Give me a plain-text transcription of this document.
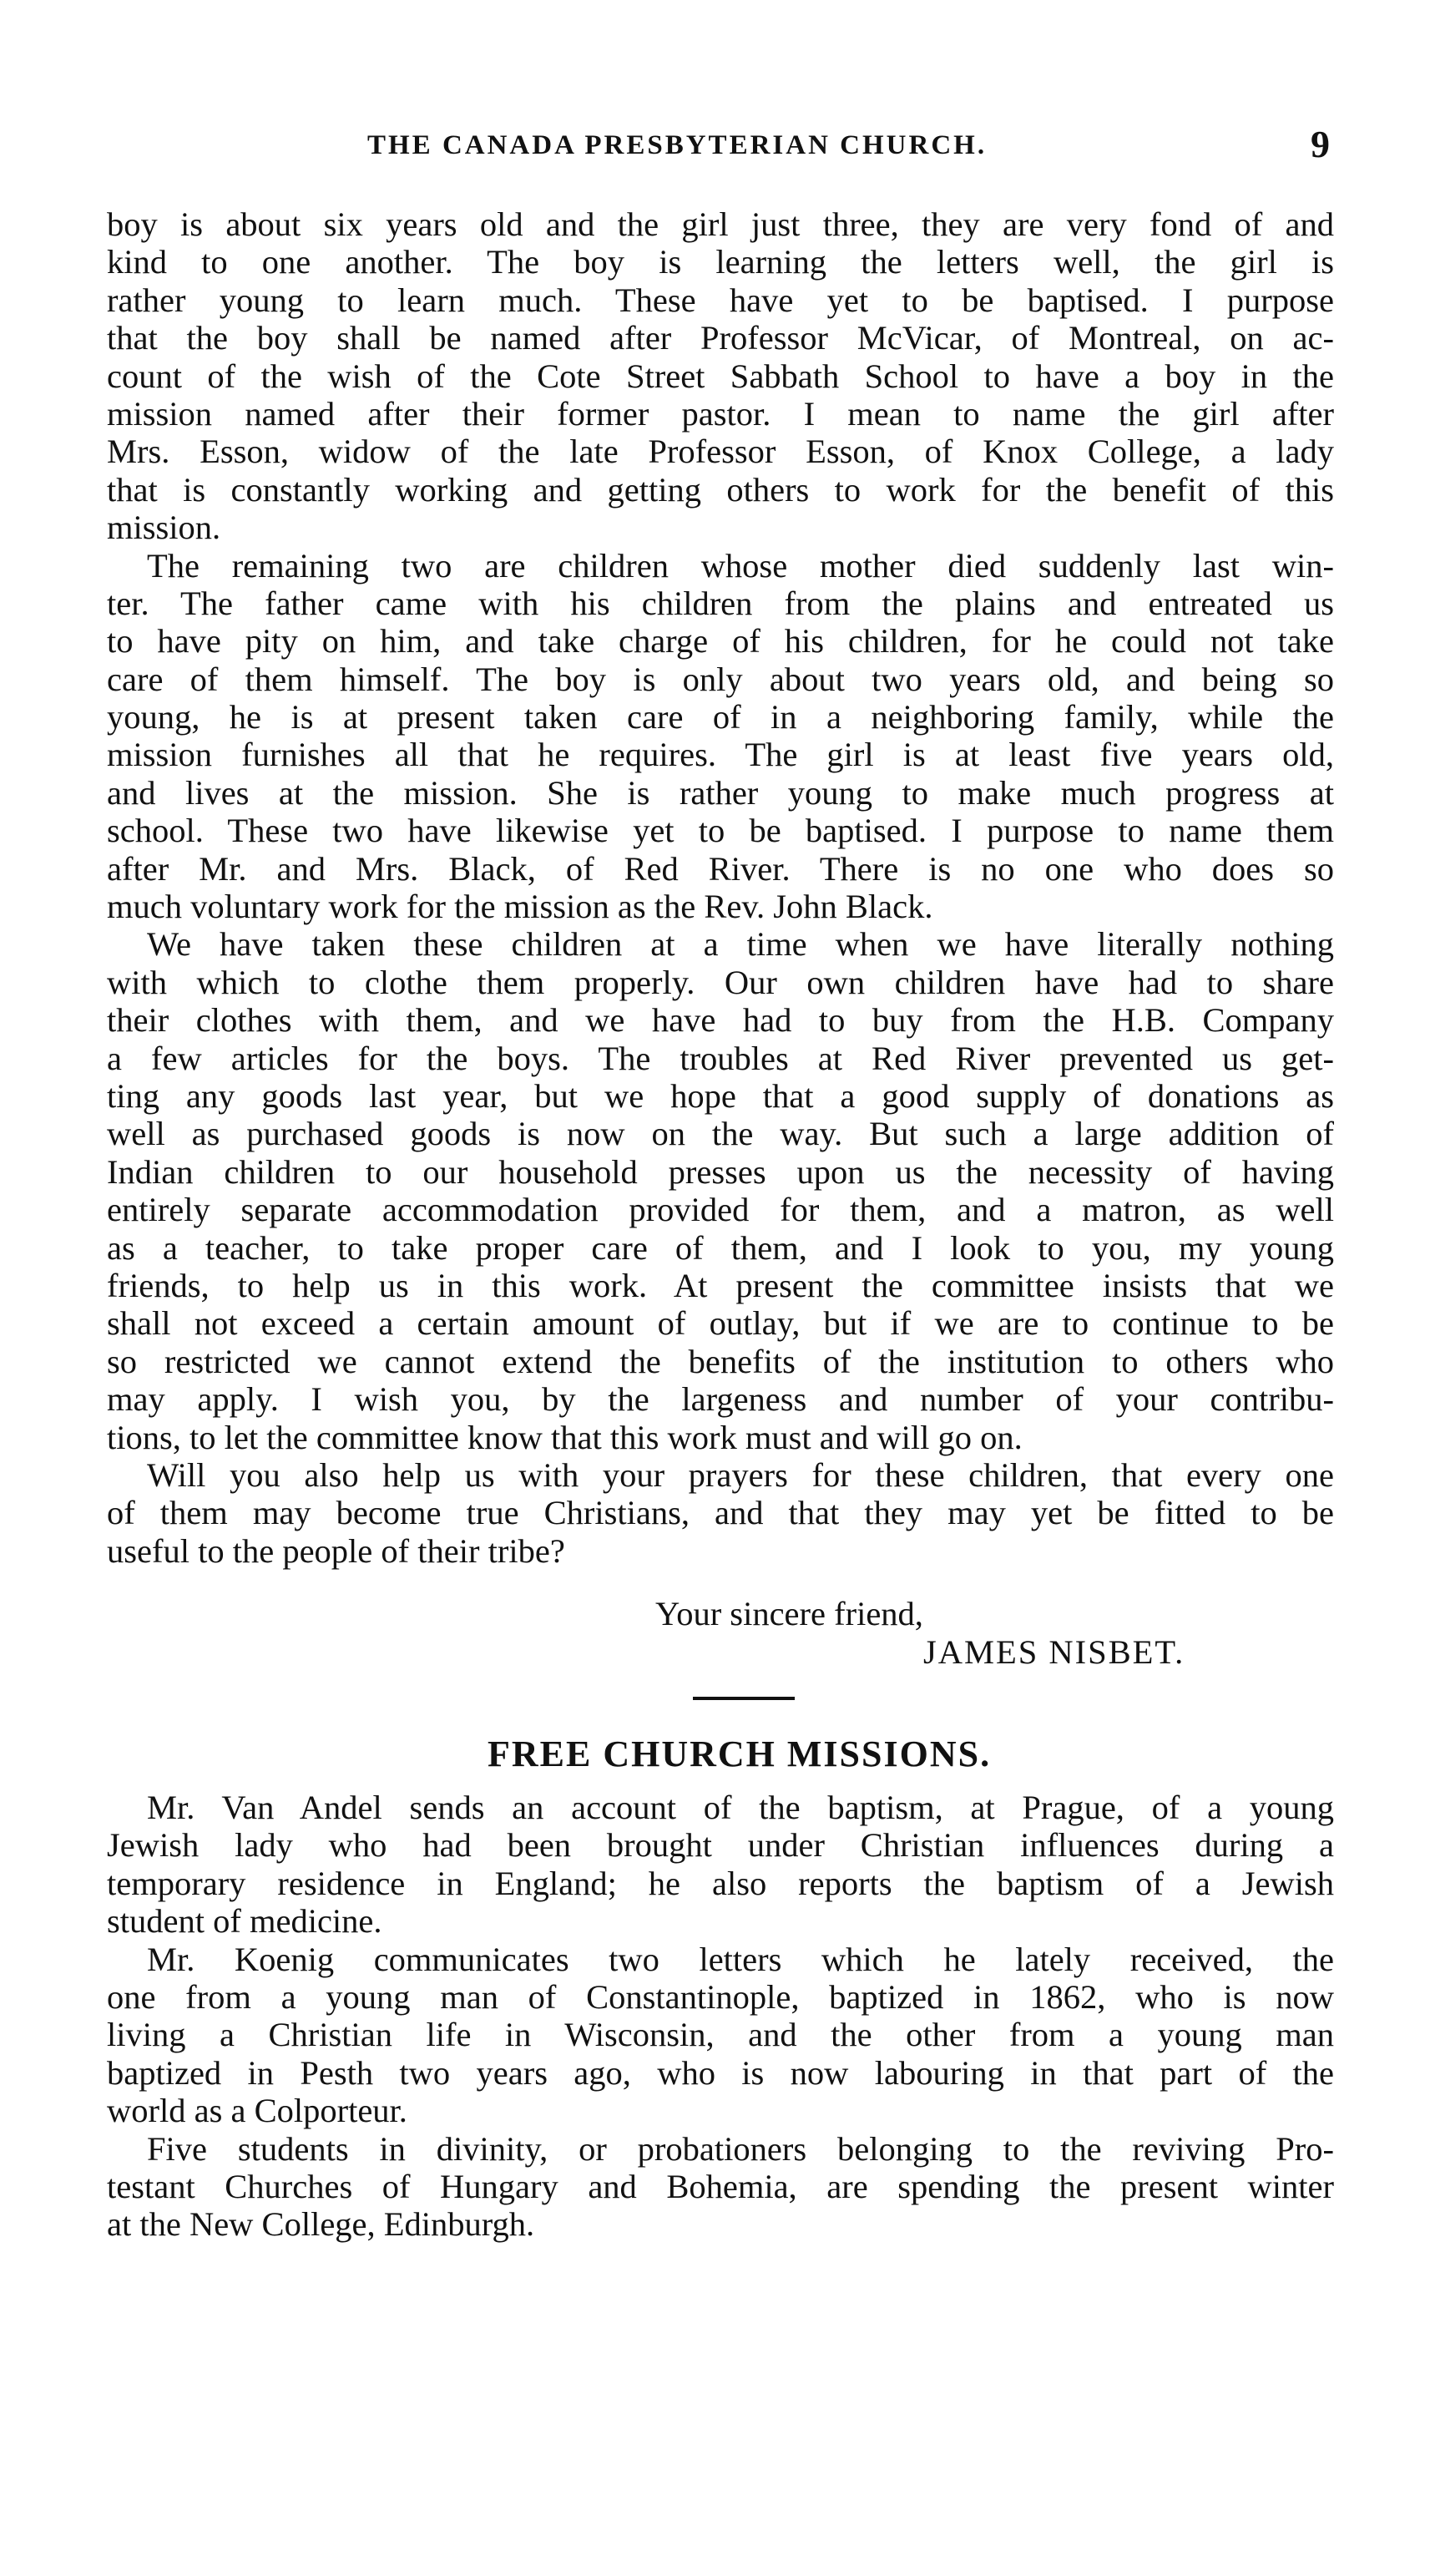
THE CANADA PRESBYTERIAN CHURCH.	9
boy is about six years old and the girl just three, they are very fond of and
kind to one another. The boy is learning the letters well, the girl is
rather young to learn much. These have yet to be baptised. I purpose
that the boy shall be named after Professor McVicar, of Montreal, on ac-
count of the wish of the Cote Street Sabbath School to have a boy in the
mission named after their former pastor. I mean to name the girl after
Mrs. Esson, widow of the late Professor Esson, of Knox College, a lady
that is constantly working and getting others to work for the benefit of this
mission.
The remaining two are children whose mother died suddenly last win-
ter. The father came with his children from the plains and entreated us
to have pity on him, and take charge of his children, for he could not take
care of them himself. The boy is only about two years old, and being so
young, he is at present taken care of in a neighboring family, while the
mission furnishes all that he requires. The girl is at least five years old,
and lives at the mission. She is rather young to make much progress at
school. These two have likewise yet to be baptised. I purpose to name them
after Mr. and Mrs. Black, of Red River. There is no one who does so
much voluntary work for the mission as the Rev. John Black.
We have taken these children at a time when we have literally nothing
with which to clothe them properly. Our own children have had to share
their clothes with them, and we have had to buy from the H.B. Company
a few articles for the boys. The troubles at Red River prevented us get-
ting any goods last year, but we hope that a good supply of donations as
well as purchased goods is now on the way. But such a large addition of
Indian children to our household presses upon us the necessity of having
entirely separate accommodation provided for them, and a matron, as well
as a teacher, to take proper care of them, and I look to you, my young
friends, to help us in this work. At present the committee insists that we
shall not exceed a certain amount of outlay, but if we are to continue to be
so restricted we cannot extend the benefits of the institution to others who
may apply. I wish you, by the largeness and number of your contribu-
tions, to let the committee know that this work must and will go on.
Will you also help us with your prayers for these children, that every one
of them may become true Christians, and that they may yet be fitted to be
useful to the people of their tribe?
Your sincere friend,
JAMES NISBET.
FREE CHURCH MISSIONS.
Mr. Van Andel sends an account of the baptism, at Prague, of a young
Jewish lady who had been brought under Christian influences during a
temporary residence in England; he also reports the baptism of a Jewish
student of medicine.
Mr. Koenig communicates two letters which he lately received, the
one from a young man of Constantinople, baptized in 1862, who is now
living a Christian life in Wisconsin, and the other from a young man
baptized in Pesth two years ago, who is now labouring in that part of the
world as a Colporteur.
Five students in divinity, or probationers belonging to the reviving Pro-
testant Churches of Hungary and Bohemia, are spending the present winter
at the New College, Edinburgh.
